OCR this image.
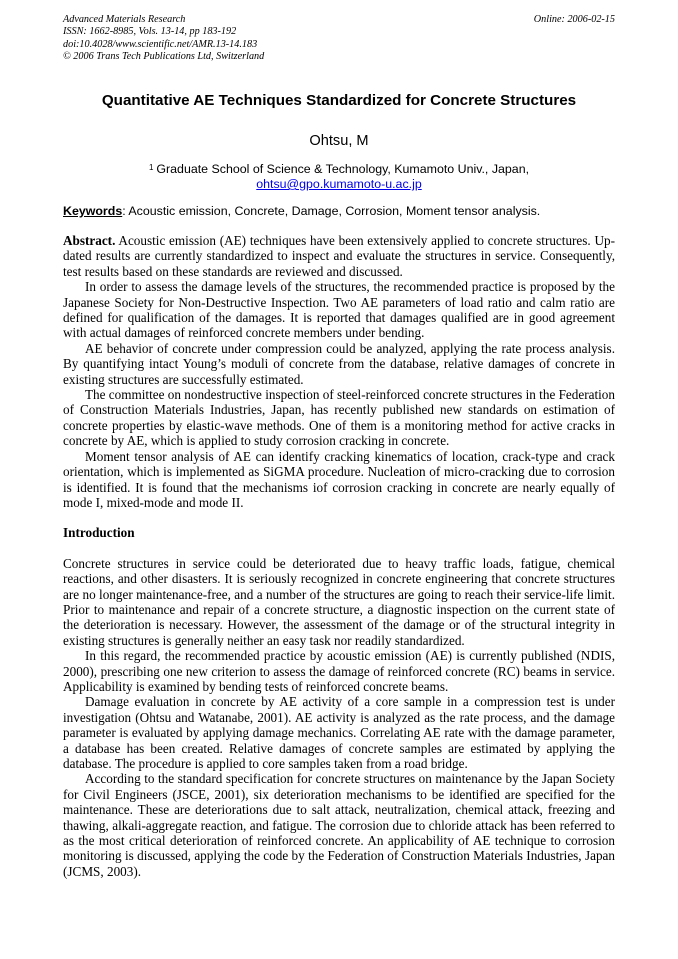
Advanced Materials Research
ISSN: 1662-8985, Vols. 13-14, pp 183-192
doi:10.4028/www.scientific.net/AMR.13-14.183
© 2006 Trans Tech Publications Ltd, Switzerland
Online: 2006-02-15
Quantitative AE Techniques Standardized for Concrete Structures
Ohtsu, M
$^1$ Graduate School of Science & Technology, Kumamoto Univ., Japan,
ohtsu@gpo.kumamoto-u.ac.jp
Keywords: Acoustic emission, Concrete, Damage, Corrosion, Moment tensor analysis.

Abstract. Acoustic emission (AE) techniques have been extensively applied to concrete structures. Up-dated results are currently standardized to inspect and evaluate the structures in service. Consequently, test results based on these standards are reviewed and discussed.

In order to assess the damage levels of the structures, the recommended practice is proposed by the Japanese Society for Non-Destructive Inspection. Two AE parameters of load ratio and calm ratio are defined for qualification of the damages. It is reported that damages qualified are in good agreement with actual damages of reinforced concrete members under bending.

AE behavior of concrete under compression could be analyzed, applying the rate process analysis. By quantifying intact Young’s moduli of concrete from the database, relative damages of concrete in existing structures are successfully estimated.

The committee on nondestructive inspection of steel-reinforced concrete structures in the Federation of Construction Materials Industries, Japan, has recently published new standards on estimation of concrete properties by elastic-wave methods. One of them is a monitoring method for active cracks in concrete by AE, which is applied to study corrosion cracking in concrete.

Moment tensor analysis of AE can identify cracking kinematics of location, crack-type and crack orientation, which is implemented as SiGMA procedure. Nucleation of micro-cracking due to corrosion is identified. It is found that the mechanisms iof corrosion cracking in concrete are nearly equally of mode I, mixed-mode and mode II.

Introduction

Concrete structures in service could be deteriorated due to heavy traffic loads, fatigue, chemical reactions, and other disasters. It is seriously recognized in concrete engineering that concrete structures are no longer maintenance-free, and a number of the structures are going to reach their service-life limit. Prior to maintenance and repair of a concrete structure, a diagnostic inspection on the current state of the deterioration is necessary. However, the assessment of the damage or of the structural integrity in existing structures is generally neither an easy task nor readily standardized.

In this regard, the recommended practice by acoustic emission (AE) is currently published (NDIS, 2000), prescribing one new criterion to assess the damage of reinforced concrete (RC) beams in service. Applicability is examined by bending tests of reinforced concrete beams.

Damage evaluation in concrete by AE activity of a core sample in a compression test is under investigation (Ohtsu and Watanabe, 2001). AE activity is analyzed as the rate process, and the damage parameter is evaluated by applying damage mechanics. Correlating AE rate with the damage parameter, a database has been created. Relative damages of concrete samples are estimated by applying the database. The procedure is applied to core samples taken from a road bridge.

According to the standard specification for concrete structures on maintenance by the Japan Society for Civil Engineers (JSCE, 2001), six deterioration mechanisms to be identified are specified for the maintenance. These are deteriorations due to salt attack, neutralization, chemical attack, freezing and thawing, alkali-aggregate reaction, and fatigue. The corrosion due to chloride attack has been referred to as the most critical deterioration of reinforced concrete. An applicability of AE technique to corrosion monitoring is discussed, applying the code by the Federation of Construction Materials Industries, Japan (JCMS, 2003).
